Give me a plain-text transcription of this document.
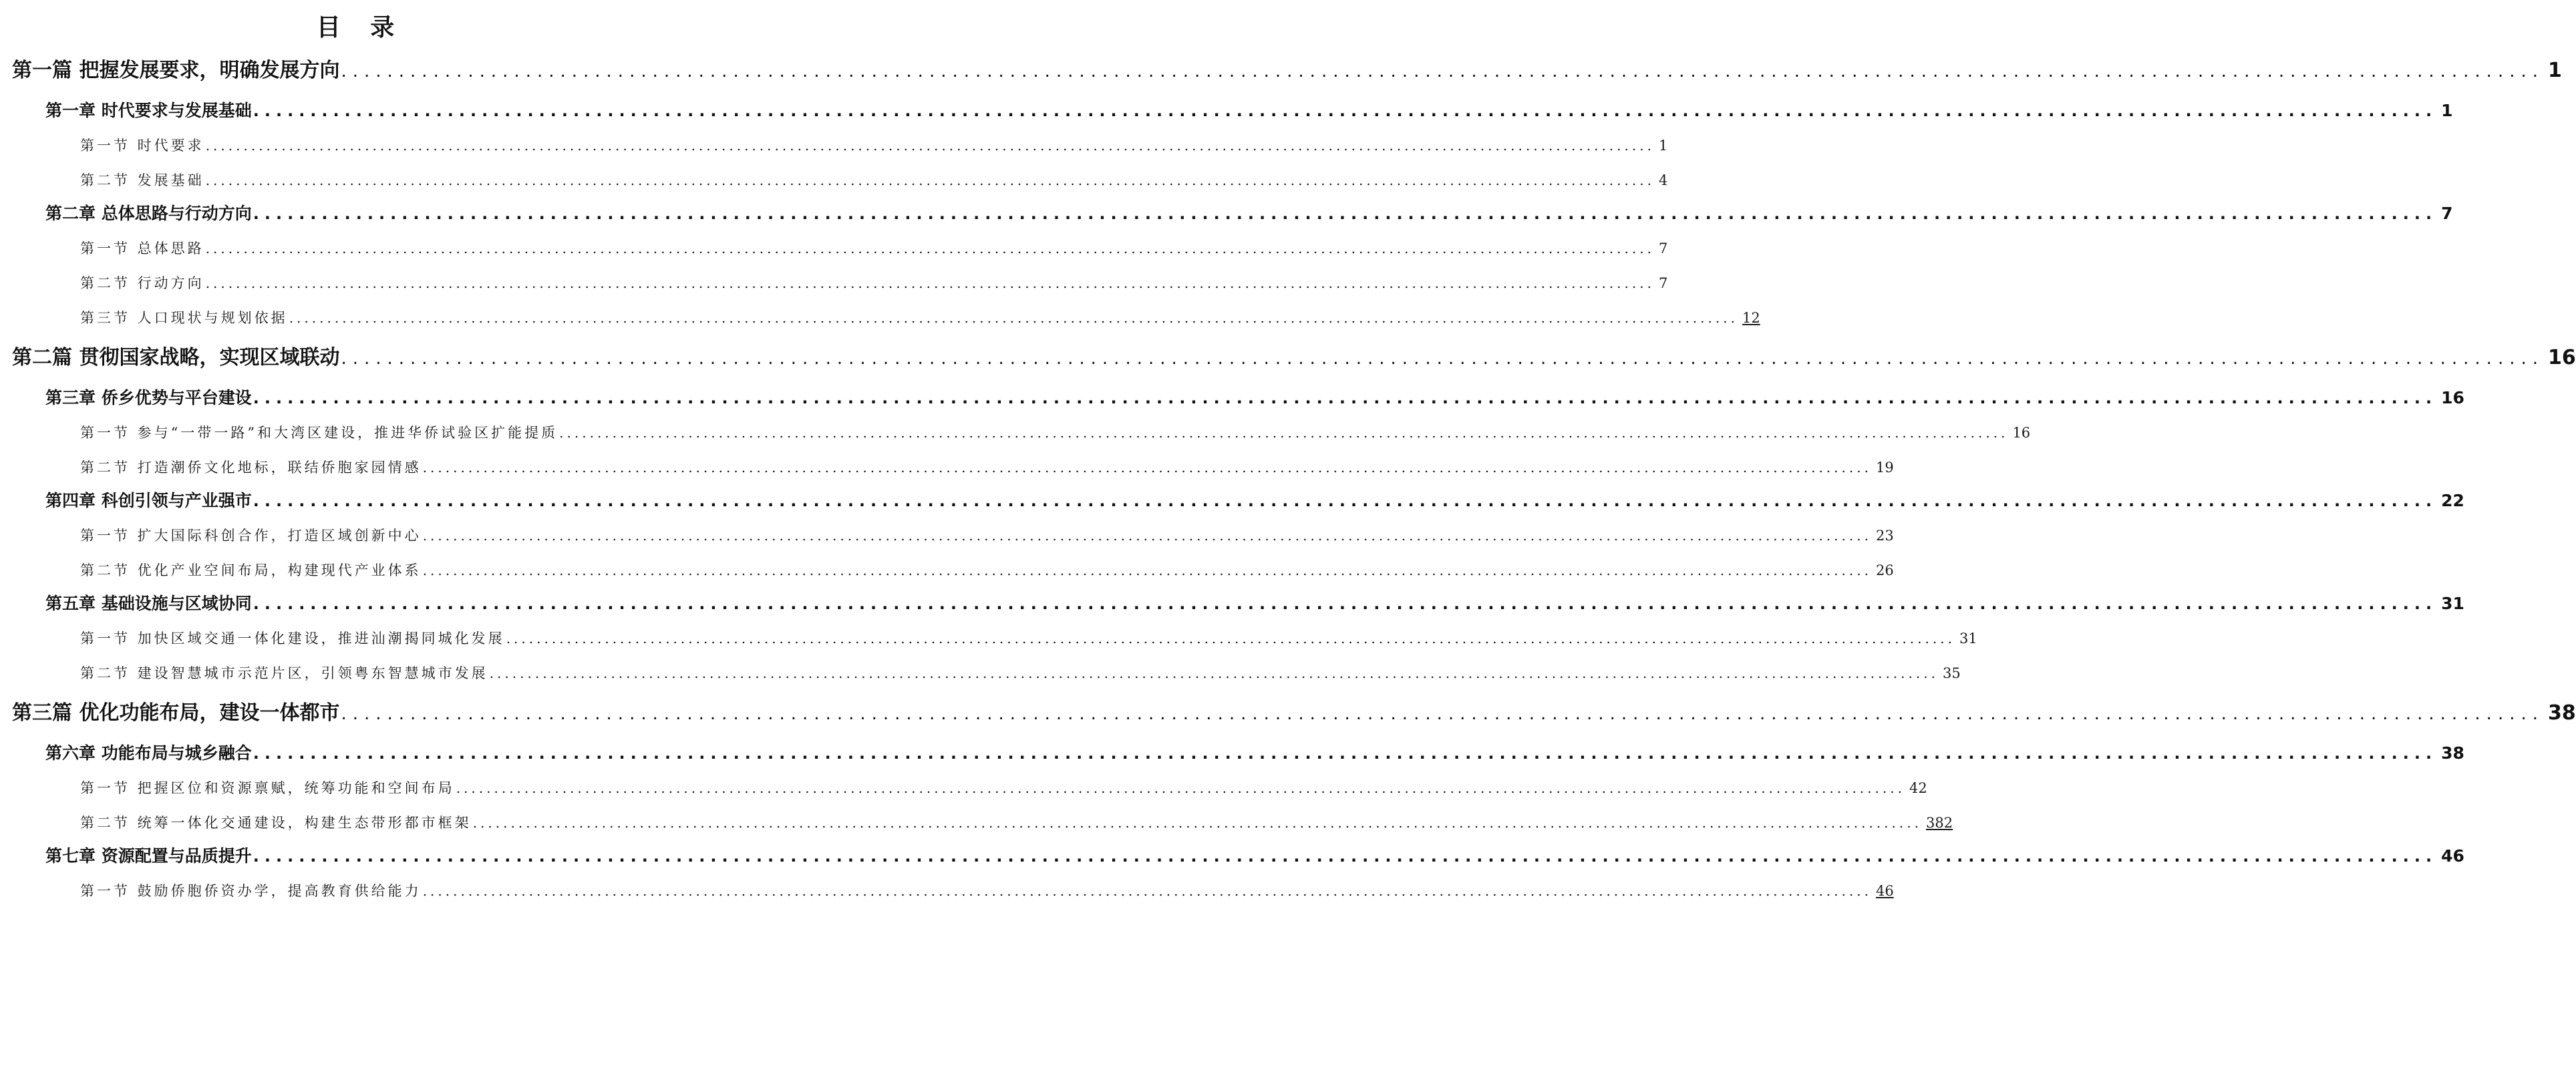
目 录
第一篇 把握发展要求，明确发展方向 ............................................................................................................................................................................................... 1
第一章 时代要求与发展基础 ............................................................................................................................................................................................... 1
第一节 时代要求 ............................................................................................................................................................................................... 1
第二节 发展基础 ............................................................................................................................................................................................... 4
第二章 总体思路与行动方向 ............................................................................................................................................................................................... 7
第一节 总体思路 ............................................................................................................................................................................................... 7
第二节 行动方向 ............................................................................................................................................................................................... 7
第三节 人口现状与规划依据 ............................................................................................................................................................................................... 12
第二篇 贯彻国家战略，实现区域联动 ............................................................................................................................................................................................... 16
第三章 侨乡优势与平台建设 ............................................................................................................................................................................................... 16
第一节 参与“一带一路”和大湾区建设，推进华侨试验区扩能提质 ............................................................................................................................................................................................... 16
第二节 打造潮侨文化地标，联结侨胞家园情感 ............................................................................................................................................................................................... 19
第四章 科创引领与产业强市 ............................................................................................................................................................................................... 22
第一节 扩大国际科创合作，打造区域创新中心 ............................................................................................................................................................................................... 23
第二节 优化产业空间布局，构建现代产业体系 ............................................................................................................................................................................................... 26
第五章 基础设施与区域协同 ............................................................................................................................................................................................... 31
第一节 加快区域交通一体化建设，推进汕潮揭同城化发展 ............................................................................................................................................................................................... 31
第二节 建设智慧城市示范片区，引领粤东智慧城市发展 ............................................................................................................................................................................................... 35
第三篇 优化功能布局，建设一体都市 ............................................................................................................................................................................................... 38
第六章 功能布局与城乡融合 ............................................................................................................................................................................................... 38
第一节 把握区位和资源禀赋，统筹功能和空间布局 ............................................................................................................................................................................................... 42
第二节 统筹一体化交通建设，构建生态带形都市框架 ............................................................................................................................................................................................... 382
第七章 资源配置与品质提升 ............................................................................................................................................................................................... 46
第一节 鼓励侨胞侨资办学，提高教育供给能力 ............................................................................................................................................................................................... 46
